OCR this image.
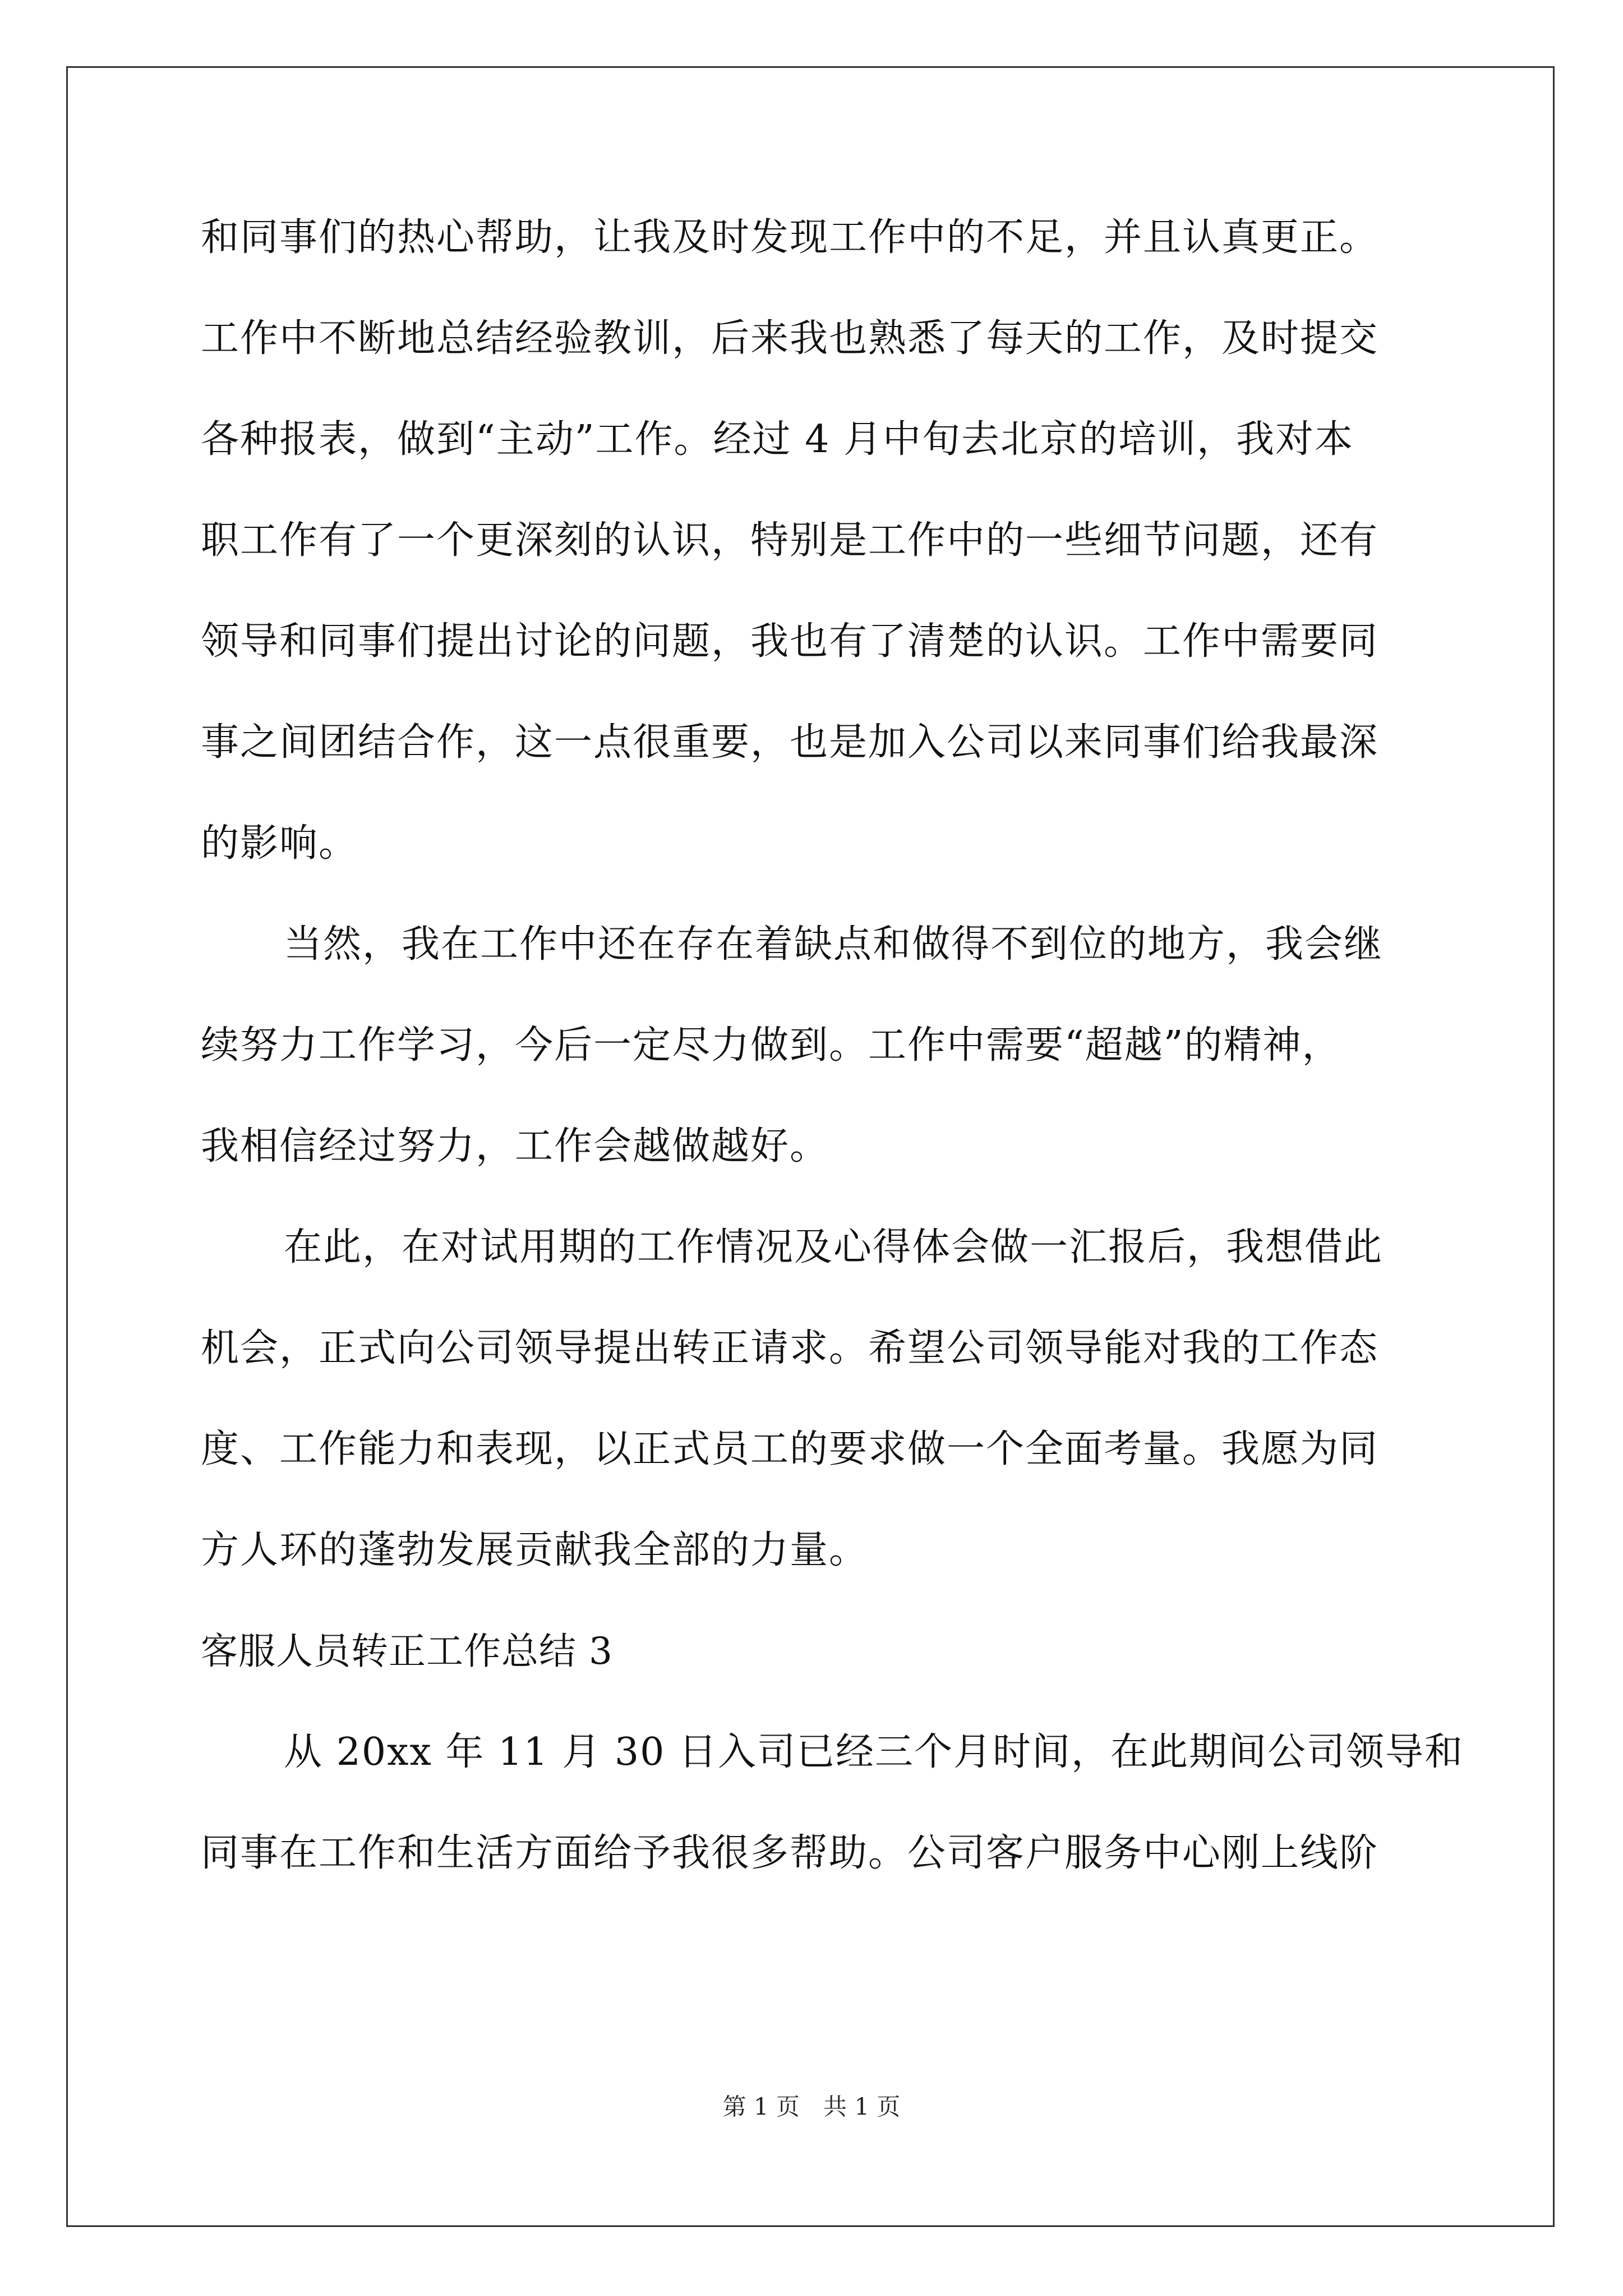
和同事们的热心帮助，让我及时发现工作中的不足，并且认真更正。
工作中不断地总结经验教训，后来我也熟悉了每天的工作，及时提交
各种报表，做到“主动”工作。经过 4 月中旬去北京的培训，我对本
职工作有了一个更深刻的认识，特别是工作中的一些细节问题，还有
领导和同事们提出讨论的问题，我也有了清楚的认识。工作中需要同
事之间团结合作，这一点很重要，也是加入公司以来同事们给我最深
的影响。
当然，我在工作中还在存在着缺点和做得不到位的地方，我会继
续努力工作学习，今后一定尽力做到。工作中需要“超越”的精神，
我相信经过努力，工作会越做越好。
在此，在对试用期的工作情况及心得体会做一汇报后，我想借此
机会，正式向公司领导提出转正请求。希望公司领导能对我的工作态
度、工作能力和表现，以正式员工的要求做一个全面考量。我愿为同
方人环的蓬勃发展贡献我全部的力量。
客服人员转正工作总结 3
从 20xx 年 11 月 30 日入司已经三个月时间，在此期间公司领导和
同事在工作和生活方面给予我很多帮助。公司客户服务中心刚上线阶
第 1 页　共 1 页
